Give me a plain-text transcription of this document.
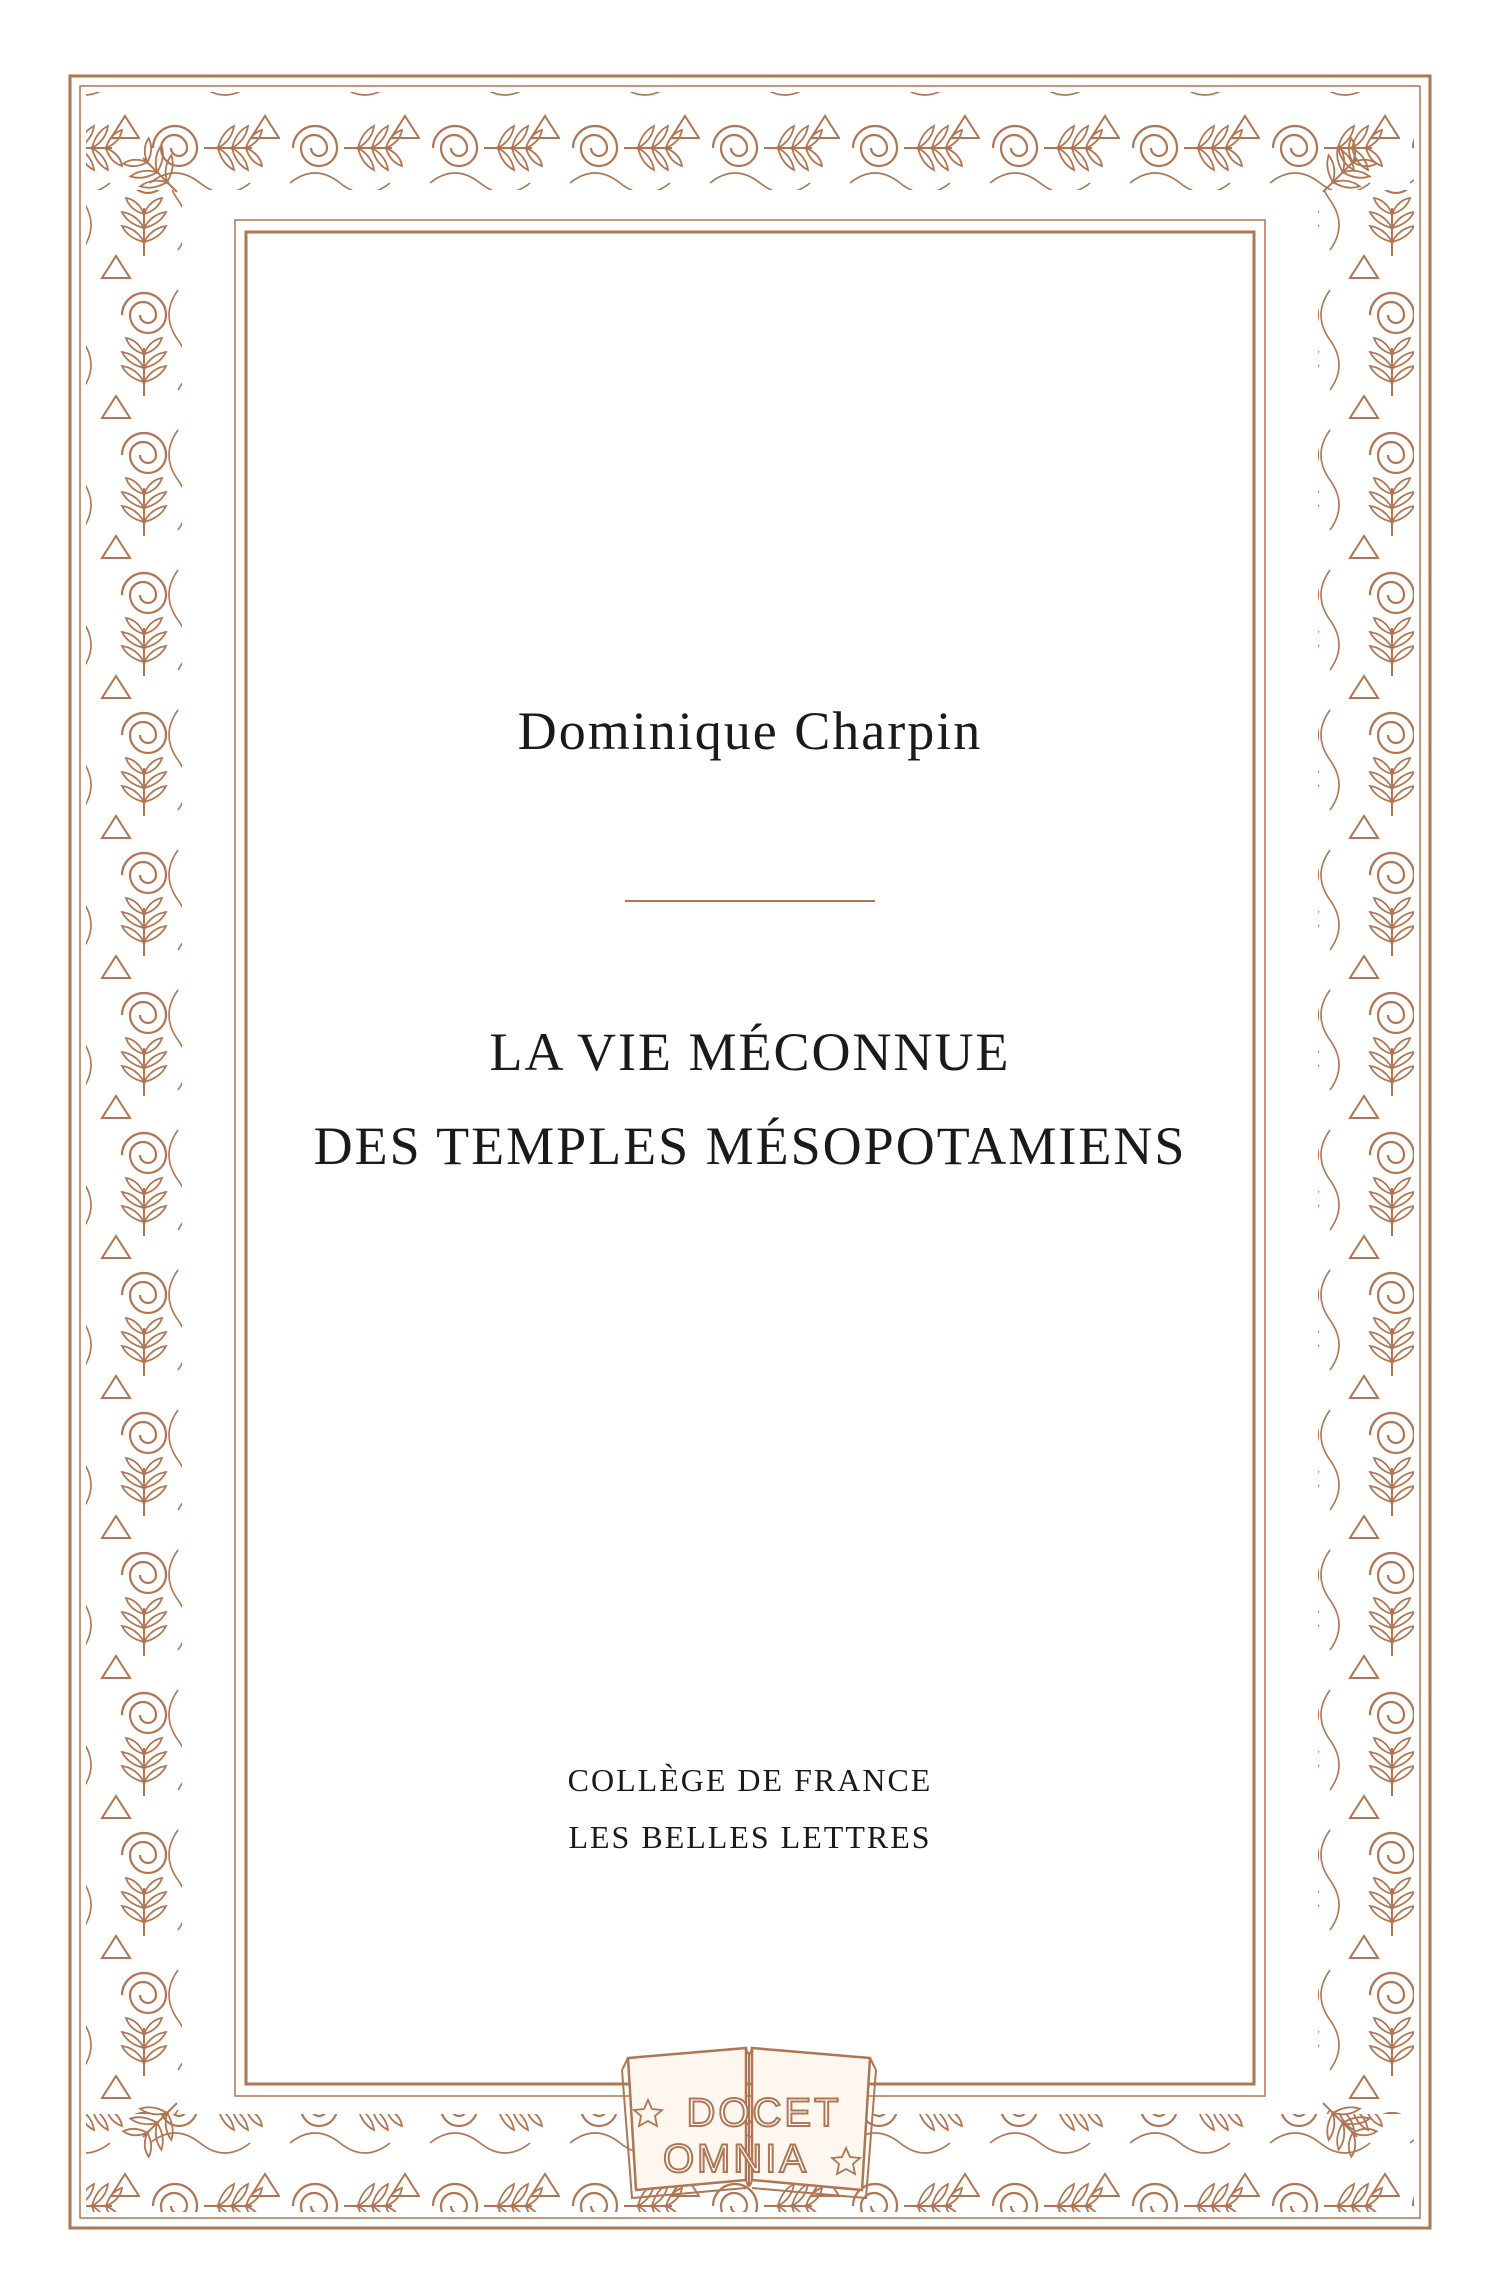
Dominique Charpin
LA VIE MÉCONNUE
DES TEMPLES MÉSOPOTAMIENS
COLLÈGE DE FRANCE
LES BELLES LETTRES
DOCET
OMNIA
